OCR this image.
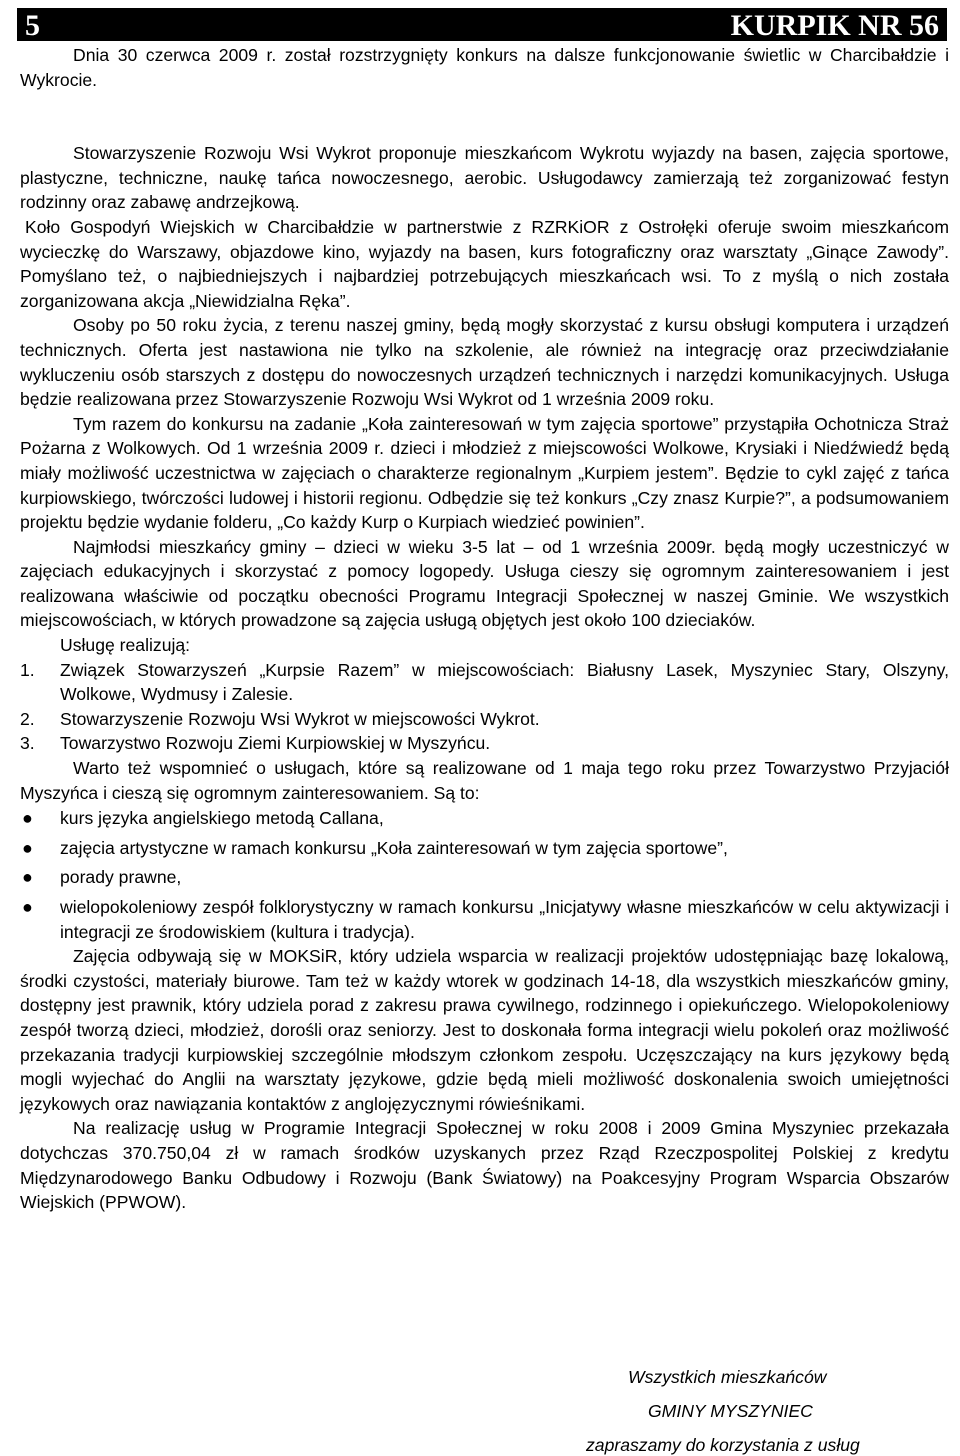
5	KURPIK NR 56

Dnia 30 czerwca 2009 r. został rozstrzygnięty konkurs na dalsze funkcjonowanie świetlic w Charcibałdzie i Wykrocie.

Stowarzyszenie Rozwoju Wsi Wykrot proponuje mieszkańcom Wykrotu wyjazdy na basen, zajęcia sportowe, plastyczne, techniczne, naukę tańca nowoczesnego, aerobic. Usługodawcy zamierzają też zorganizować festyn rodzinny oraz zabawę andrzejkową.

Koło Gospodyń Wiejskich w Charcibałdzie w partnerstwie z RZRKiOR z Ostrołęki oferuje swoim mieszkańcom wycieczkę do Warszawy, objazdowe kino, wyjazdy na basen, kurs fotograficzny oraz warsztaty „Ginące Zawody”. Pomyślano też, o najbiedniejszych i najbardziej potrzebujących mieszkańcach wsi. To z myślą o nich została zorganizowana akcja „Niewidzialna Ręka”.

Osoby po 50 roku życia, z terenu naszej gminy, będą mogły skorzystać z kursu obsługi komputera i urządzeń technicznych. Oferta jest nastawiona nie tylko na szkolenie, ale również na integrację oraz przeciwdziałanie wykluczeniu osób starszych z dostępu do nowoczesnych urządzeń technicznych i narzędzi komunikacyjnych. Usługa będzie realizowana przez Stowarzyszenie Rozwoju Wsi Wykrot od 1 września 2009 roku.

Tym razem do konkursu na zadanie „Koła zainteresowań w tym zajęcia sportowe” przystąpiła Ochotnicza Straż Pożarna z Wolkowych. Od 1 września 2009 r. dzieci i młodzież z miejscowości Wolkowe, Krysiaki i Niedźwiedź będą miały możliwość uczestnictwa w zajęciach o charakterze regionalnym „Kurpiem jestem”. Będzie to cykl zajęć z tańca kurpiowskiego, twórczości ludowej i historii regionu. Odbędzie się też konkurs „Czy znasz Kurpie?”, a podsumowaniem projektu będzie wydanie folderu, „Co każdy Kurp o Kurpiach wiedzieć powinien”.

Najmłodsi mieszkańcy gminy – dzieci w wieku 3-5 lat – od 1 września 2009r. będą mogły uczestniczyć w zajęciach edukacyjnych i skorzystać z pomocy logopedy. Usługa cieszy się ogromnym zainteresowaniem i jest realizowana właściwie od początku obecności Programu Integracji Społecznej w naszej Gminie. We wszystkich miejscowościach, w których prowadzone są zajęcia usługą objętych jest około 100 dzieciaków.

Usługę realizują:

1. Związek Stowarzyszeń „Kurpsie Razem” w miejscowościach: Białusny Lasek, Myszyniec Stary, Olszyny, Wolkowe, Wydmusy i Zalesie.
2. Stowarzyszenie Rozwoju Wsi Wykrot w miejscowości Wykrot.
3. Towarzystwo Rozwoju Ziemi Kurpiowskiej w Myszyńcu.

Warto też wspomnieć o usługach, które są realizowane od 1 maja tego roku przez Towarzystwo Przyjaciół Myszyńca i cieszą się ogromnym zainteresowaniem. Są to:

● kurs języka angielskiego metodą Callana,
● zajęcia artystyczne w ramach konkursu „Koła zainteresowań w tym zajęcia sportowe”,
● porady prawne,
● wielopokoleniowy zespół folklorystyczny w ramach konkursu „Inicjatywy własne mieszkańców w celu aktywizacji i integracji ze środowiskiem (kultura i tradycja).

Zajęcia odbywają się w MOKSiR, który udziela wsparcia w realizacji projektów udostępniając bazę lokalową, środki czystości, materiały biurowe. Tam też w każdy wtorek w godzinach 14-18, dla wszystkich mieszkańców gminy, dostępny jest prawnik, który udziela porad z zakresu prawa cywilnego, rodzinnego i opiekuńczego. Wielopokoleniowy zespół tworzą dzieci, młodzież, dorośli oraz seniorzy. Jest to doskonała forma integracji wielu pokoleń oraz możliwość przekazania tradycji kurpiowskiej szczególnie młodszym członkom zespołu. Uczęszczający na kurs językowy będą mogli wyjechać do Anglii na warsztaty językowe, gdzie będą mieli możliwość doskonalenia swoich umiejętności językowych oraz nawiązania kontaktów z anglojęzycznymi rówieśnikami.

Na realizację usług w Programie Integracji Społecznej w roku 2008 i 2009 Gmina Myszyniec przekazała dotychczas 370.750,04 zł w ramach środków uzyskanych przez Rząd Rzeczpospolitej Polskiej z kredytu Międzynarodowego Banku Odbudowy i Rozwoju (Bank Światowy) na Poakcesyjny Program Wsparcia Obszarów Wiejskich (PPWOW).

Wszystkich mieszkańców
GMINY MYSZYNIEC
zapraszamy do korzystania z usług
